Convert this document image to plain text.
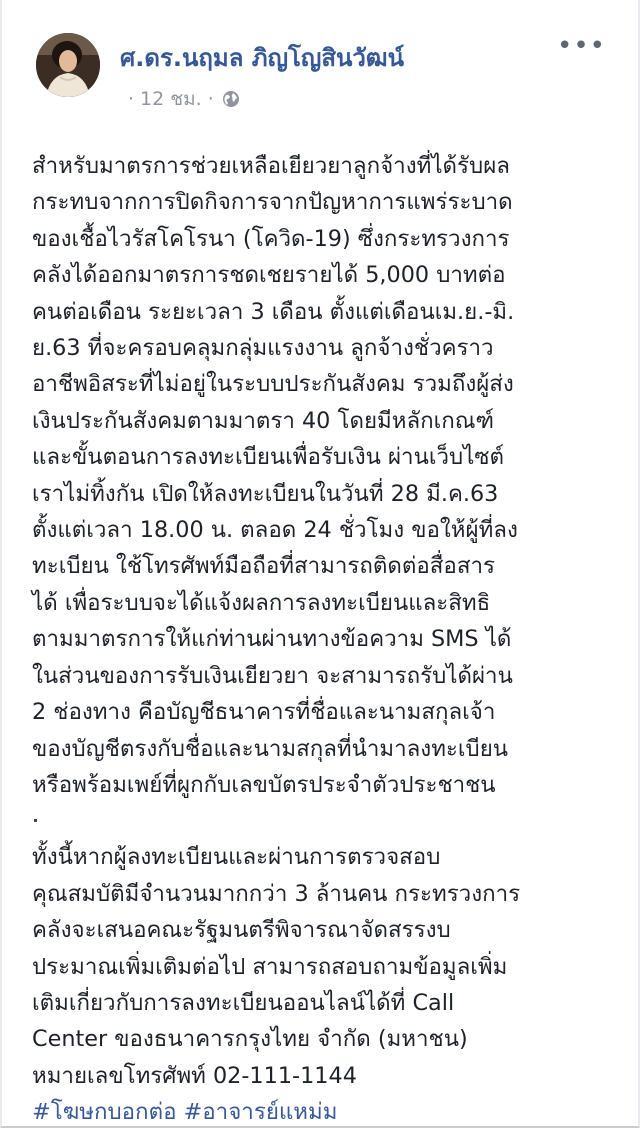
ศ.ดร.นฤมล ภิญโญสินวัฒน์
· 12 ชม. ·
•••
สำหรับมาตรการช่วยเหลือเยียวยาลูกจ้างที่ได้รับผล
กระทบจากการปิดกิจการจากปัญหาการแพร่ระบาด
ของเชื้อไวรัสโคโรนา (โควิด-19) ซึ่งกระทรวงการ
คลังได้ออกมาตรการชดเชยรายได้ 5,000 บาทต่อ
คนต่อเดือน ระยะเวลา 3 เดือน ตั้งแต่เดือนเม.ย.-มิ.
ย.63 ที่จะครอบคลุมกลุ่มแรงงาน ลูกจ้างชั่วคราว
อาชีพอิสระที่ไม่อยู่ในระบบประกันสังคม รวมถึงผู้ส่ง
เงินประกันสังคมตามมาตรา 40 โดยมีหลักเกณฑ์
และขั้นตอนการลงทะเบียนเพื่อรับเงิน ผ่านเว็บไซต์
เราไม่ทิ้งกัน เปิดให้ลงทะเบียนในวันที่ 28 มี.ค.63
ตั้งแต่เวลา 18.00 น. ตลอด 24 ชั่วโมง ขอให้ผู้ที่ลง
ทะเบียน ใช้โทรศัพท์มือถือที่สามารถติดต่อสื่อสาร
ได้ เพื่อระบบจะได้แจ้งผลการลงทะเบียนและสิทธิ
ตามมาตรการให้แก่ท่านผ่านทางข้อความ SMS ได้
ในส่วนของการรับเงินเยียวยา จะสามารถรับได้ผ่าน
2 ช่องทาง คือบัญชีธนาคารที่ชื่อและนามสกุลเจ้า
ของบัญชีตรงกับชื่อและนามสกุลที่นำมาลงทะเบียน
หรือพร้อมเพย์ที่ผูกกับเลขบัตรประจำตัวประชาชน
ทั้งนี้หากผู้ลงทะเบียนและผ่านการตรวจสอบ
คุณสมบัติมีจำนวนมากกว่า 3 ล้านคน กระทรวงการ
คลังจะเสนอคณะรัฐมนตรีพิจารณาจัดสรรงบ
ประมาณเพิ่มเติมต่อไป สามารถสอบถามข้อมูลเพิ่ม
เติมเกี่ยวกับการลงทะเบียนออนไลน์ได้ที่ Call
Center ของธนาคารกรุงไทย จำกัด (มหาชน)
หมายเลขโทรศัพท์ 02-111-1144
#โฆษกบอกต่อ #อาจารย์แหม่ม
